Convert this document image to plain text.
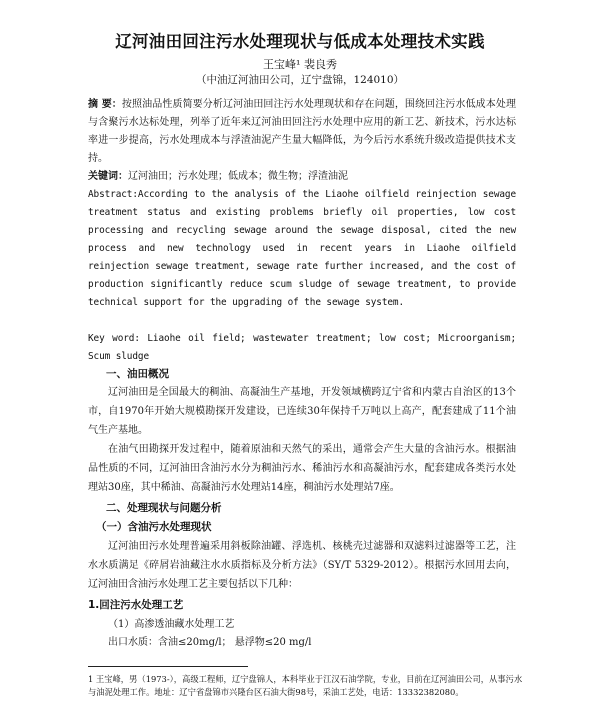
辽河油田回注污水处理现状与低成本处理技术实践
王宝峰¹ 裴良秀
（中油辽河油田公司，辽宁盘锦，124010）
摘 要：按照油品性质简要分析辽河油田回注污水处理现状和存在问题，围绕回注污水低成本处理与含聚污水达标处理，列举了近年来辽河油田回注污水处理中应用的新工艺、新技术，污水达标率进一步提高，污水处理成本与浮渣油泥产生量大幅降低，为今后污水系统升级改造提供技术支持。
关键词：辽河油田；污水处理；低成本；微生物；浮渣油泥
Abstract:According to the analysis of the Liaohe oilfield reinjection sewage treatment status and existing problems briefly oil properties, low cost processing and recycling sewage around the sewage disposal, cited the new process and new technology used in recent years in Liaohe oilfield reinjection sewage treatment, sewage rate further increased, and the cost of production significantly reduce scum sludge of sewage treatment, to provide technical support for the upgrading of the sewage system.
Key word: Liaohe oil field; wastewater treatment; low cost; Microorganism; Scum sludge
一、油田概况
辽河油田是全国最大的稠油、高凝油生产基地，开发领域横跨辽宁省和内蒙古自治区的13个市，自1970年开始大规模勘探开发建设，已连续30年保持千万吨以上高产，配套建成了11个油气生产基地。
在油气田勘探开发过程中，随着原油和天然气的采出，通常会产生大量的含油污水。根据油品性质的不同，辽河油田含油污水分为稠油污水、稀油污水和高凝油污水，配套建成各类污水处理站30座，其中稀油、高凝油污水处理站14座，稠油污水处理站7座。
二、处理现状与问题分析
（一）含油污水处理现状
辽河油田污水处理普遍采用斜板除油罐、浮选机、核桃壳过滤器和双滤料过滤器等工艺，注水水质满足《碎屑岩油藏注水水质指标及分析方法》（SY/T 5329-2012）。根据污水回用去向，辽河油田含油污水处理工艺主要包括以下几种：
1.回注污水处理工艺
（1）高渗透油藏水处理工艺
出口水质：含油≤20mg/l； 悬浮物≤20 mg/l
1 王宝峰，男（1973-），高级工程师，辽宁盘锦人，本科毕业于江汉石油学院，专业，目前在辽河油田公司，从事污水与油泥处理工作。地址：辽宁省盘锦市兴隆台区石油大街98号，采油工艺处，电话：13332382080。
